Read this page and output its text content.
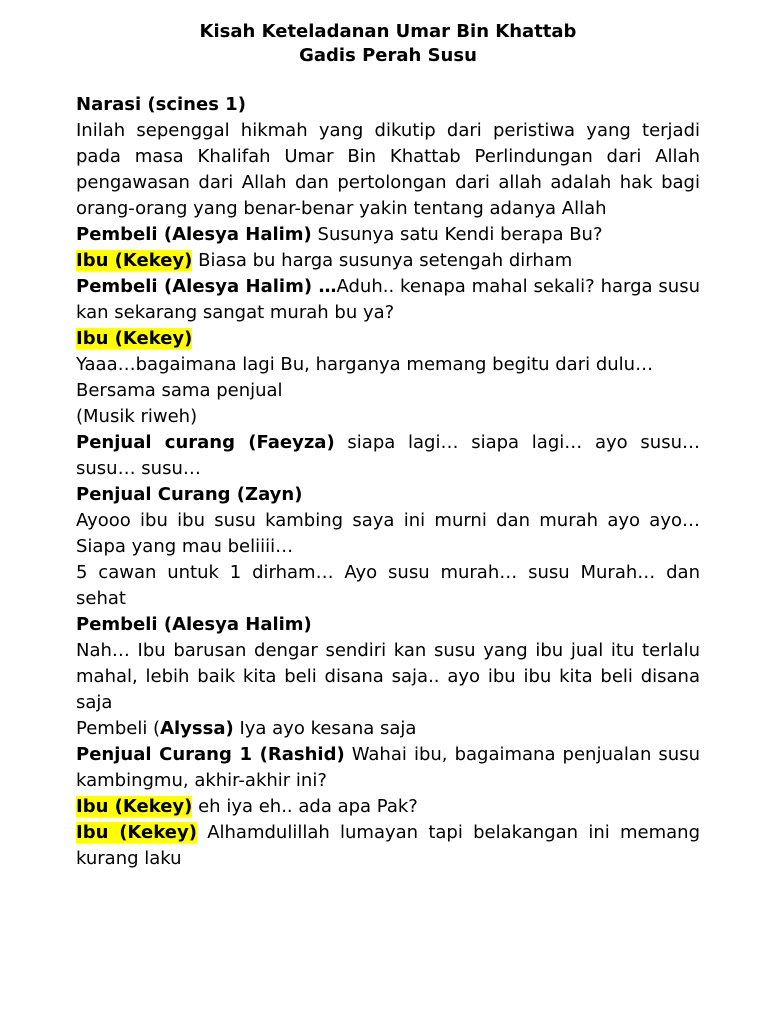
Kisah Keteladanan Umar Bin Khattab

Gadis Perah Susu

Narasi (scines 1)

Inilah sepenggal hikmah yang dikutip dari peristiwa yang terjadi pada masa Khalifah Umar Bin Khattab Perlindungan dari Allah pengawasan dari Allah dan pertolongan dari allah adalah hak bagi orang-orang yang benar-benar yakin tentang adanya Allah

Pembeli (Alesya Halim) Susunya satu Kendi berapa Bu?

Ibu (Kekey) Biasa bu harga susunya setengah dirham

Pembeli (Alesya Halim) …Aduh.. kenapa mahal sekali? harga susu kan sekarang sangat murah bu ya?

Ibu (Kekey)

Yaaa…bagaimana lagi Bu, harganya memang begitu dari dulu…

Bersama sama penjual

(Musik riweh)

Penjual curang (Faeyza) siapa lagi… siapa lagi… ayo susu… susu… susu…

Penjual Curang (Zayn)

Ayooo ibu ibu susu kambing saya ini murni dan murah ayo ayo… Siapa yang mau beliiii…

5 cawan untuk 1 dirham… Ayo susu murah… susu Murah… dan sehat

Pembeli (Alesya Halim)

Nah… Ibu barusan dengar sendiri kan susu yang ibu jual itu terlalu mahal, lebih baik kita beli disana saja.. ayo ibu ibu kita beli disana saja

Pembeli (Alyssa) Iya ayo kesana saja

Penjual Curang 1 (Rashid) Wahai ibu, bagaimana penjualan susu kambingmu, akhir-akhir ini?

Ibu (Kekey) eh iya eh.. ada apa Pak?

Ibu (Kekey) Alhamdulillah lumayan tapi belakangan ini memang kurang laku
